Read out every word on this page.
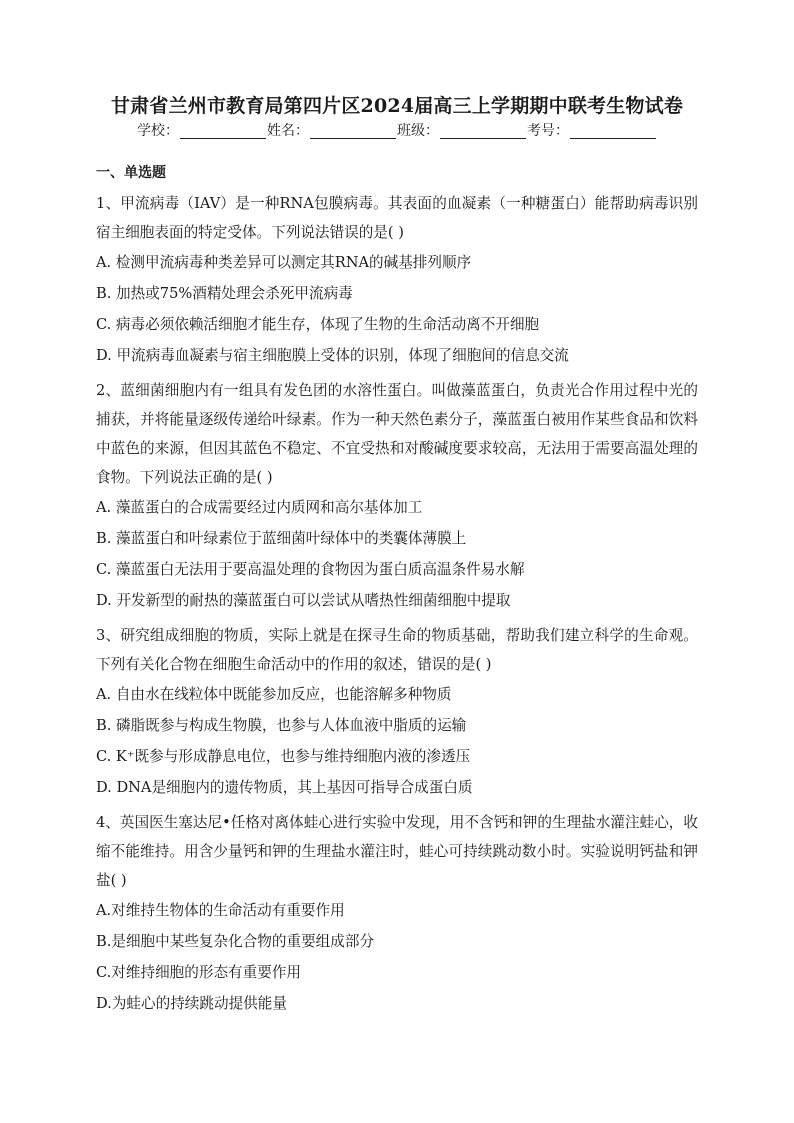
甘肃省兰州市教育局第四片区2024届高三上学期期中联考生物试卷
学校：	姓名：	班级：	考号：
一、单选题

1、甲流病毒（IAV）是一种RNA包膜病毒。其表面的血凝素（一种糖蛋白）能帮助病毒识别宿主细胞表面的特定受体。下列说法错误的是( )

A. 检测甲流病毒种类差异可以测定其RNA的碱基排列顺序

B. 加热或75%酒精处理会杀死甲流病毒

C. 病毒必须依赖活细胞才能生存，体现了生物的生命活动离不开细胞

D. 甲流病毒血凝素与宿主细胞膜上受体的识别，体现了细胞间的信息交流

2、蓝细菌细胞内有一组具有发色团的水溶性蛋白。叫做藻蓝蛋白，负责光合作用过程中光的捕获，并将能量逐级传递给叶绿素。作为一种天然色素分子，藻蓝蛋白被用作某些食品和饮料中蓝色的来源，但因其蓝色不稳定、不宜受热和对酸碱度要求较高，无法用于需要高温处理的食物。下列说法正确的是( )

A. 藻蓝蛋白的合成需要经过内质网和高尔基体加工

B. 藻蓝蛋白和叶绿素位于蓝细菌叶绿体中的类囊体薄膜上

C. 藻蓝蛋白无法用于要高温处理的食物因为蛋白质高温条件易水解

D. 开发新型的耐热的藻蓝蛋白可以尝试从嗜热性细菌细胞中提取

3、研究组成细胞的物质，实际上就是在探寻生命的物质基础，帮助我们建立科学的生命观。下列有关化合物在细胞生命活动中的作用的叙述，错误的是( )

A. 自由水在线粒体中既能参加反应，也能溶解多种物质

B. 磷脂既参与构成生物膜，也参与人体血液中脂质的运输

C. K⁺既参与形成静息电位，也参与维持细胞内液的渗透压

D. DNA是细胞内的遗传物质，其上基因可指导合成蛋白质

4、英国医生塞达尼•任格对离体蛙心进行实验中发现，用不含钙和钾的生理盐水灌注蛙心，收缩不能维持。用含少量钙和钾的生理盐水灌注时，蛙心可持续跳动数小时。实验说明钙盐和钾盐( )

A.对维持生物体的生命活动有重要作用

B.是细胞中某些复杂化合物的重要组成部分

C.对维持细胞的形态有重要作用

D.为蛙心的持续跳动提供能量
